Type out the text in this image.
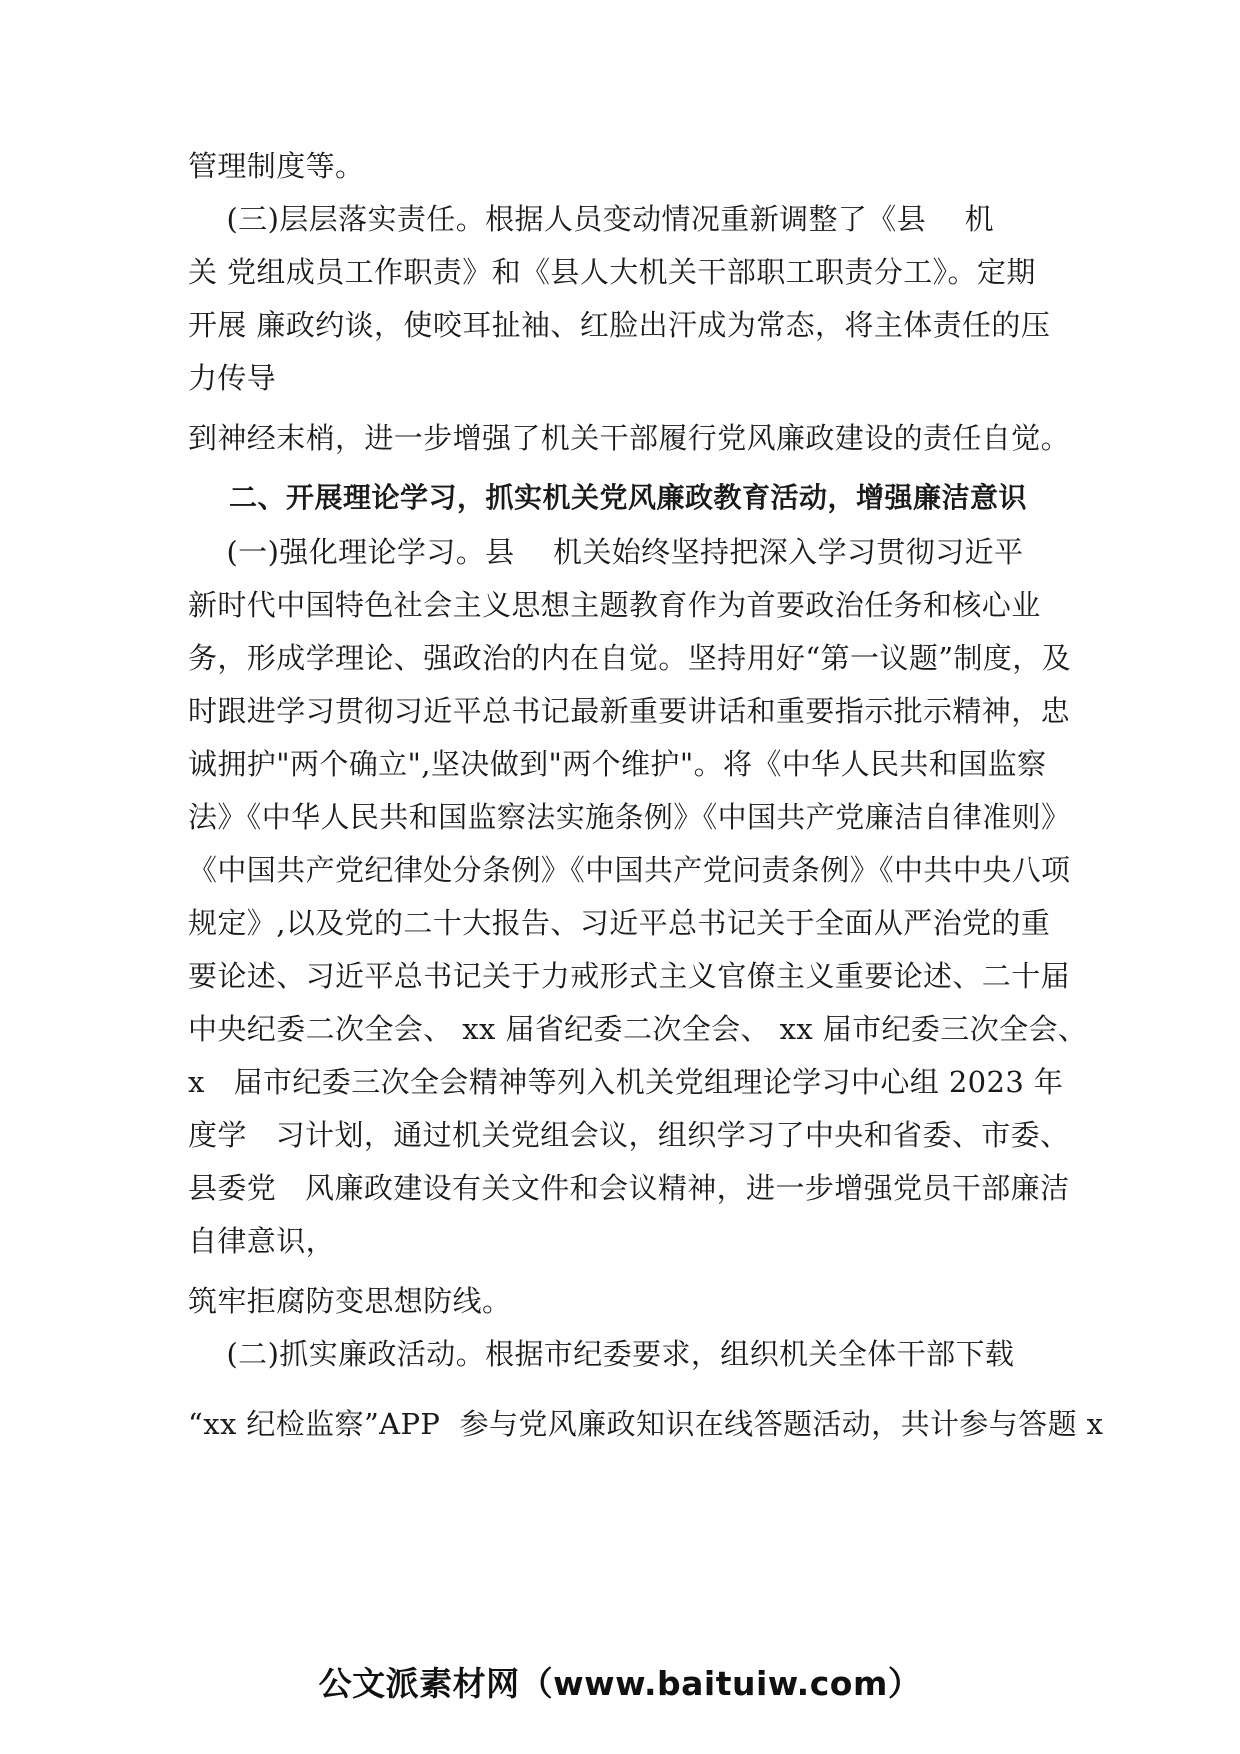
管理制度等。
(三)层层落实责任。根据人员变动情况重新调整了《县    机
关 党组成员工作职责》和《县人大机关干部职工职责分工》。定期
开展 廉政约谈，使咬耳扯袖、红脸出汗成为常态，将主体责任的压
力传导
到神经末梢，进一步增强了机关干部履行党风廉政建设的责任自觉。
二、开展理论学习，抓实机关党风廉政教育活动，增强廉洁意识
(一)强化理论学习。县    机关始终坚持把深入学习贯彻习近平
新时代中国特色社会主义思想主题教育作为首要政治任务和核心业
务，形成学理论、强政治的内在自觉。坚持用好“第一议题”制度，及
时跟进学习贯彻习近平总书记最新重要讲话和重要指示批示精神，忠
诚拥护"两个确立",坚决做到"两个维护"。将《中华人民共和国监察
法》《中华人民共和国监察法实施条例》《中国共产党廉洁自律准则》
《中国共产党纪律处分条例》《中国共产党问责条例》《中共中央八项
规定》,以及党的二十大报告、习近平总书记关于全面从严治党的重
要论述、习近平总书记关于力戒形式主义官僚主义重要论述、二十届
中央纪委二次全会、 xx 届省纪委二次全会、 xx 届市纪委三次全会、
x   届市纪委三次全会精神等列入机关党组理论学习中心组 2023 年
度学   习计划，通过机关党组会议，组织学习了中央和省委、市委、
县委党   风廉政建设有关文件和会议精神，进一步增强党员干部廉洁
自律意识，
筑牢拒腐防变思想防线。
(二)抓实廉政活动。根据市纪委要求，组织机关全体干部下载
“xx 纪检监察”APP  参与党风廉政知识在线答题活动，共计参与答题 x
公文派素材网（www.baituiw.com）
